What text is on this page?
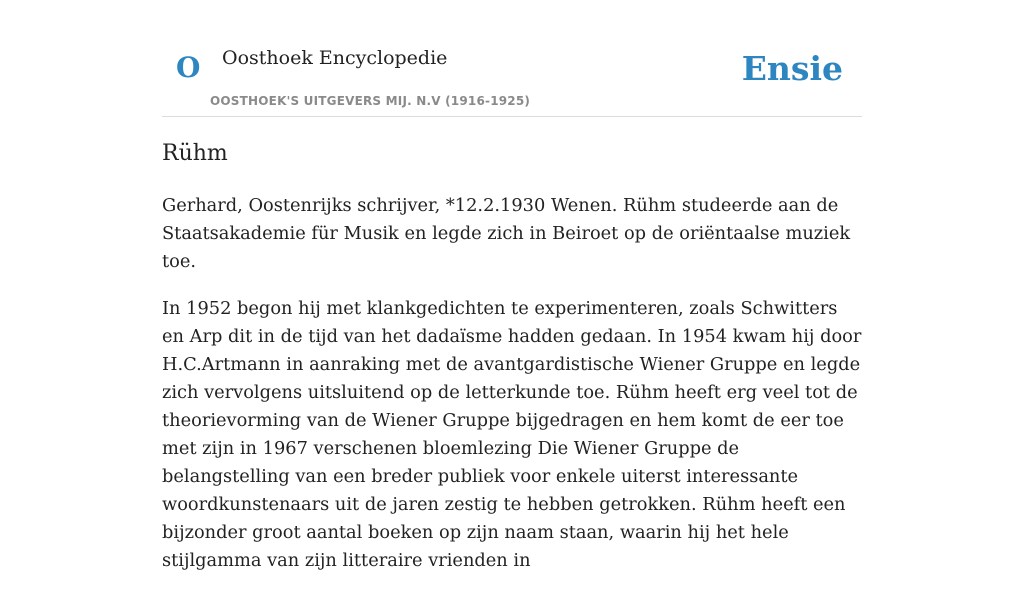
O Oosthoek Encyclopedie
OOSTHOEK'S UITGEVERS MIJ. N.V (1916-1925)
Ensie
Rühm

Gerhard, Oostenrijks schrijver, *12.2.1930 Wenen. Rühm studeerde aan de Staatsakademie für Musik en legde zich in Beiroet op de oriëntaalse muziek toe.

In 1952 begon hij met klankgedichten te experimenteren, zoals Schwitters en Arp dit in de tijd van het dadaïsme hadden gedaan. In 1954 kwam hij door H.C.Artmann in aanraking met de avantgardistische Wiener Gruppe en legde zich vervolgens uitsluitend op de letterkunde toe. Rühm heeft erg veel tot de theorievorming van de Wiener Gruppe bijgedragen en hem komt de eer toe met zijn in 1967 verschenen bloemlezing Die Wiener Gruppe de belangstelling van een breder publiek voor enkele uiterst interessante woordkunstenaars uit de jaren zestig te hebben getrokken. Rühm heeft een bijzonder groot aantal boeken op zijn naam staan, waarin hij het hele stijlgamma van zijn litteraire vrienden in
